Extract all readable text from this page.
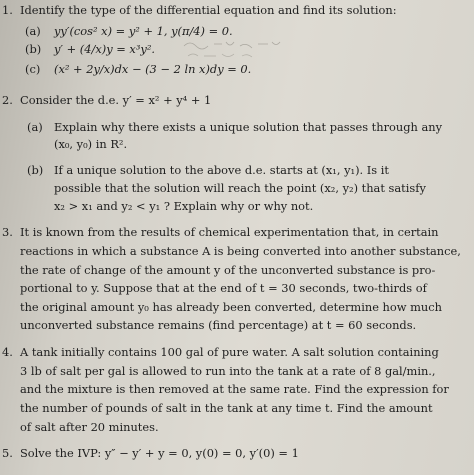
1. Identify the type of the differential equation and find its solution:
(a) yy′(cos² x) = y² + 1, y(π/4) = 0.
(b) y′ + (4/x)y = x³y².
(c) (x² + 2y/x)dx − (3 − 2 ln x)dy = 0.
2. Consider the d.e. y′ = x² + y⁴ + 1
(a) Explain why there exists a unique solution that passes through any
(x₀, y₀) in R².
(b) If a unique solution to the above d.e. starts at (x₁, y₁). Is it
possible that the solution will reach the point (x₂, y₂) that satisfy
x₂ > x₁ and y₂ < y₁ ? Explain why or why not.
3. It is known from the results of chemical experimentation that, in certain
reactions in which a substance A is being converted into another substance,
the rate of change of the amount y of the unconverted substance is pro-
portional to y. Suppose that at the end of t = 30 seconds, two-thirds of
the original amount y₀ has already been converted, determine how much
unconverted substance remains (find percentage) at t = 60 seconds.
4. A tank initially contains 100 gal of pure water. A salt solution containing
3 lb of salt per gal is allowed to run into the tank at a rate of 8 gal/min.,
and the mixture is then removed at the same rate. Find the expression for
the number of pounds of salt in the tank at any time t. Find the amount
of salt after 20 minutes.
5. Solve the IVP: y″ − y′ + y = 0, y(0) = 0, y′(0) = 1
